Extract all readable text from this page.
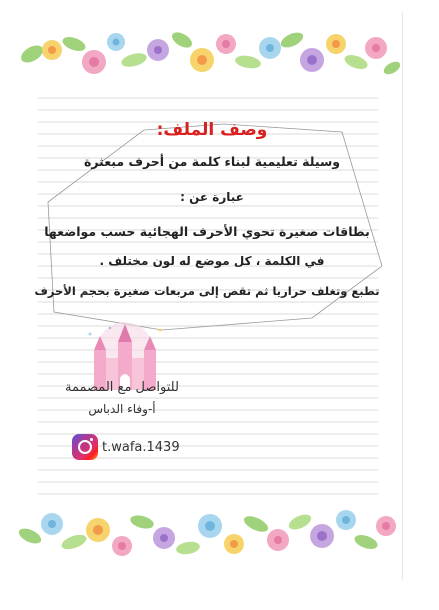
وصف الملف:
وسيلة تعليمية لبناء كلمة من أحرف مبعثرة
عبارة عن :
بطاقات صغيرة تحوي الأحرف الهجائية حسب مواضعها
في الكلمة ، كل موضع له لون مختلف .
تطبع وتغلف حراريا ثم تقص إلى مربعات صغيرة بحجم الأحرف
للتواصل مع المصممة
أ-وفاء الدباس
t.wafa.1439
